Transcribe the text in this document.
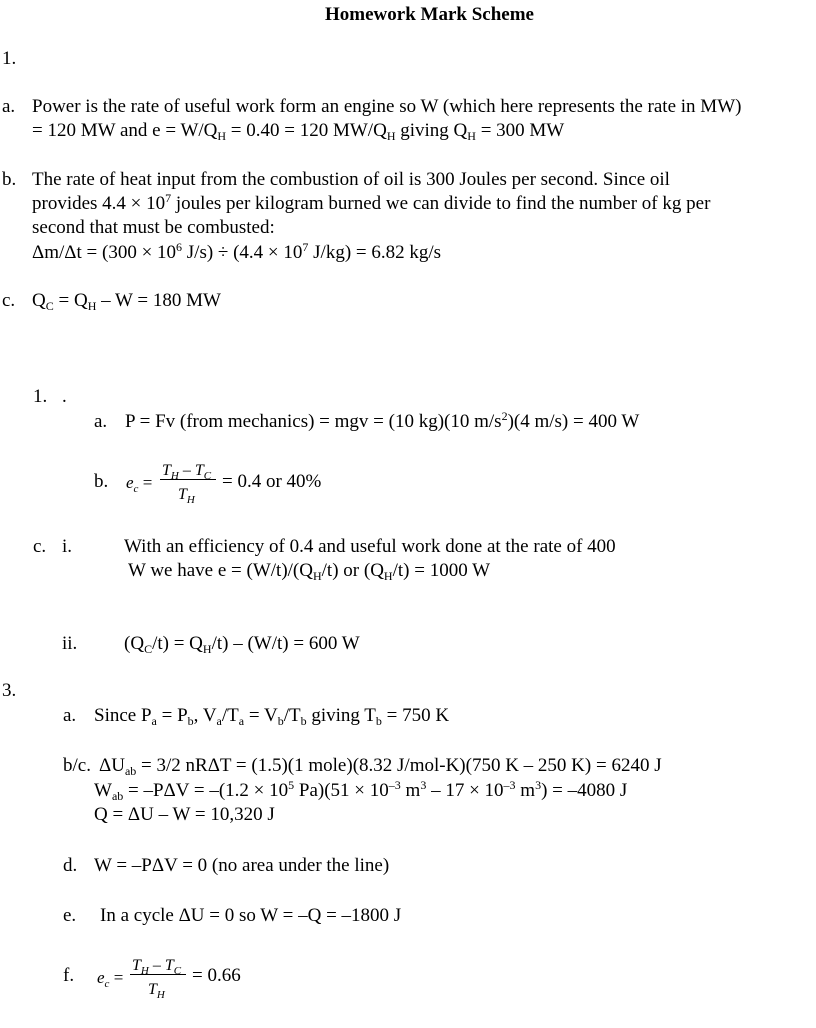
Homework Mark Scheme
1.
a. Power is the rate of useful work form an engine so W (which here represents the rate in MW)
= 120 MW and $e = W/Q_H = 0.40 = 120$ $MW/Q_H$ giving $Q_H = 300$ MW
b. The rate of heat input from the combustion of oil is 300 Joules per second. Since oil
provides $4.4 \times 10^7$ joules per kilogram burned we can divide to find the number of kg per
second that must be combusted:
$\Delta m/\Delta t = (300 \times 10^6$ $J/s) \div (4.4 \times 10^7$ J/kg) = 6.82 kg/s
c. $Q_C = Q_H - W = 180$ MW
1. .
a. P = Fv (from mechanics) = mgv = (10 kg)(10 $m/s^2)(4$ m/s) = 400 W
b. $e_c$ =
$T_H - T_C$
$T_H$
= 0.4 or 40%
c. i.	With an efficiency of 0.4 and useful work done at the rate of 400
W we have $e = (W/t)/(Q_H/t)$ or $(Q_H/t) = 1000$ W
ii. $(Q_C/t) = Q_H/t) - (W/t) = 600$ W
3.
a. Since $P_a = P_b$, $V_a/T_a = V_b/T_b$ giving $T_b = 750$ K
b/c. $\Delta U_{ab} = 3/2$ nRΔT = (1.5)(1 mole)(8.32 J/mol-K)(750 K – 250 K) = 6240 J
$W_{ab} = -P\Delta V = -(1.2 \times 10^5$ $Pa)(51 \times 10^{-3}$ $m^3 - 17 \times 10^{-3}$ $m^3) = -4080$ J
Q = ΔU – W = 10,320 J
d. W = –PΔV = 0 (no area under the line)
e. In a cycle ΔU = 0 so W = –Q = –1800 J
f. $e_c$ =
$T_H - T_C$
$T_H$
= 0.66
